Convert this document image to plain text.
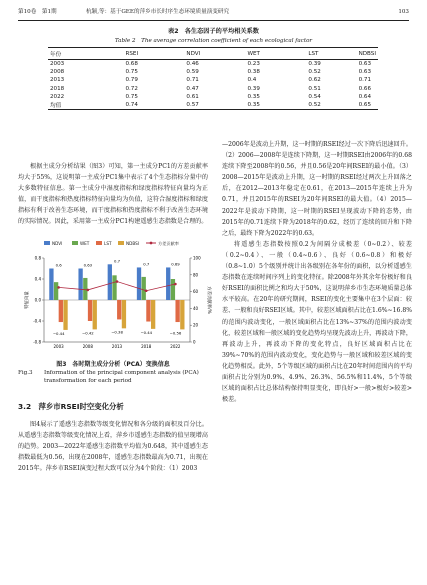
第10卷　第1期	杭颖,等：基于GEE的萍乡市长时序生态环境质量演变研究	103
表2　各生态因子的平均相关系数
Table 2　The average correlation coefficient of each ecological factor
年份	RSEI	NDVI	WET	LST	NDBSI
2003	0.68	0.46	0.23	0.39	0.63
2008	0.75	0.59	0.38	0.52	0.63
2013	0.79	0.71	0.4	0.62	0.71
2018	0.72	0.47	0.39	0.51	0.66
2022	0.75	0.61	0.35	0.54	0.64
均值	0.74	0.57	0.35	0.52	0.65

根据主成分分析结果（图3）可知，第一主成分PC1的方差贡献率均大于55%，这说明第一主成分PC1集中表示了4个生态指标分量中的大多数特征信息。第一主成分中湿度指标和绿度指标特征向量均为正值，而干度指标和热度指标特征向量均为负值，这符合湿度指标和绿度指标有利于改善生态环境，而干度指标和热度指标不利于改善生态环境的实际情况。因此，采用第一主成分PC1构建遥感生态指数是合理的。

NDVI	WET	LST	NDBSI	方差贡献率
-0.8
-0.4
0.0
0.4
0.8
0
20
40
60
80
100
特征向量	方差贡献率/%
0.6
−0.44
2003
0.63
−0.42
2008
0.7
−0.38
2013
0.7
−0.44
2018
0.69
−0.56
2022
图3　各时期主成分分析（PCA）变换信息
Fig.3 Information of the principal component analysis (PCA)
transformation for each period
3.2　萍乡市RSEI时空变化分析

图4展示了遥感生态指数等级变化情况和各分级的面积及百分比。从遥感生态指数等级变化情况上看，萍乡市遥感生态指数的值呈现增高的趋势。2003—2022年遥感生态指数平均值为0.648，其中遥感生态指数最低为0.56，出现在2008年，遥感生态指数最高为0.71，出现在2015年。萍乡市RSEI演变过程大致可以分为4个阶段：（1）2003

—2006年是波动上升期，这一时期的RSEI经过一次下降后迅速回升。（2）2006—2008年是连续下降期，这一时期RSEI由2006年的0.68连续下降至2008年的0.56，并且0.56是20年间RSEI的最小值。（3）2008—2015年是波动上升期，这一时期的RSEI经过两次上升回落之后，在2012—2013年稳定在0.61，在2013—2015年连续上升为0.71，并且2015年的RSEI为20年间RSEI的最大值。（4）2015—2022年是波动下降期，这一时期的RSEI呈现波动下降的态势，由2015年的0.71连续下降为2018年的0.62，经历了连续的回升和下降之后，最终下降为2022年的0.63。

将遥感生态指数按照0.2为间隔分成极差（0~0.2）、较差（0.2~0.4）、一般（0.4~0.6）、良好（0.6~0.8）和极好（0.8~1.0）5个级别并统计出各级别在各年份的面积，以分析遥感生态指数在连续时间序列上的变化特征。除2008年外其余年份极好和良好RSEI的面积比例之和均大于50%，这说明萍乡市生态环境质量总体水平较高。在20年的研究期间，RSEI的变化主要集中在3个层面：较差、一般和良好RSEI区域。其中，较差区域面积占比在1.6%~16.8%的范围内波动变化，一般区域面积占比在13%~37%的范围内波动变化，较差区域和一般区域的变化趋势均呈现先波动上升，再波动下降，再波动上升，再波动下降的变化特点，良好区域面积占比在39%~70%的范围内波动变化，变化趋势与一般区域和较差区域的变化趋势相反。此外，5个等级区域的面积占比在20年时间范围内的平均面积占比分别为0.9%、4.9%、26.3%、56.5%和11.4%，5个等级区域的面积占比总体结构保持明显变化，即良好>一般>极好>较差>极差。
